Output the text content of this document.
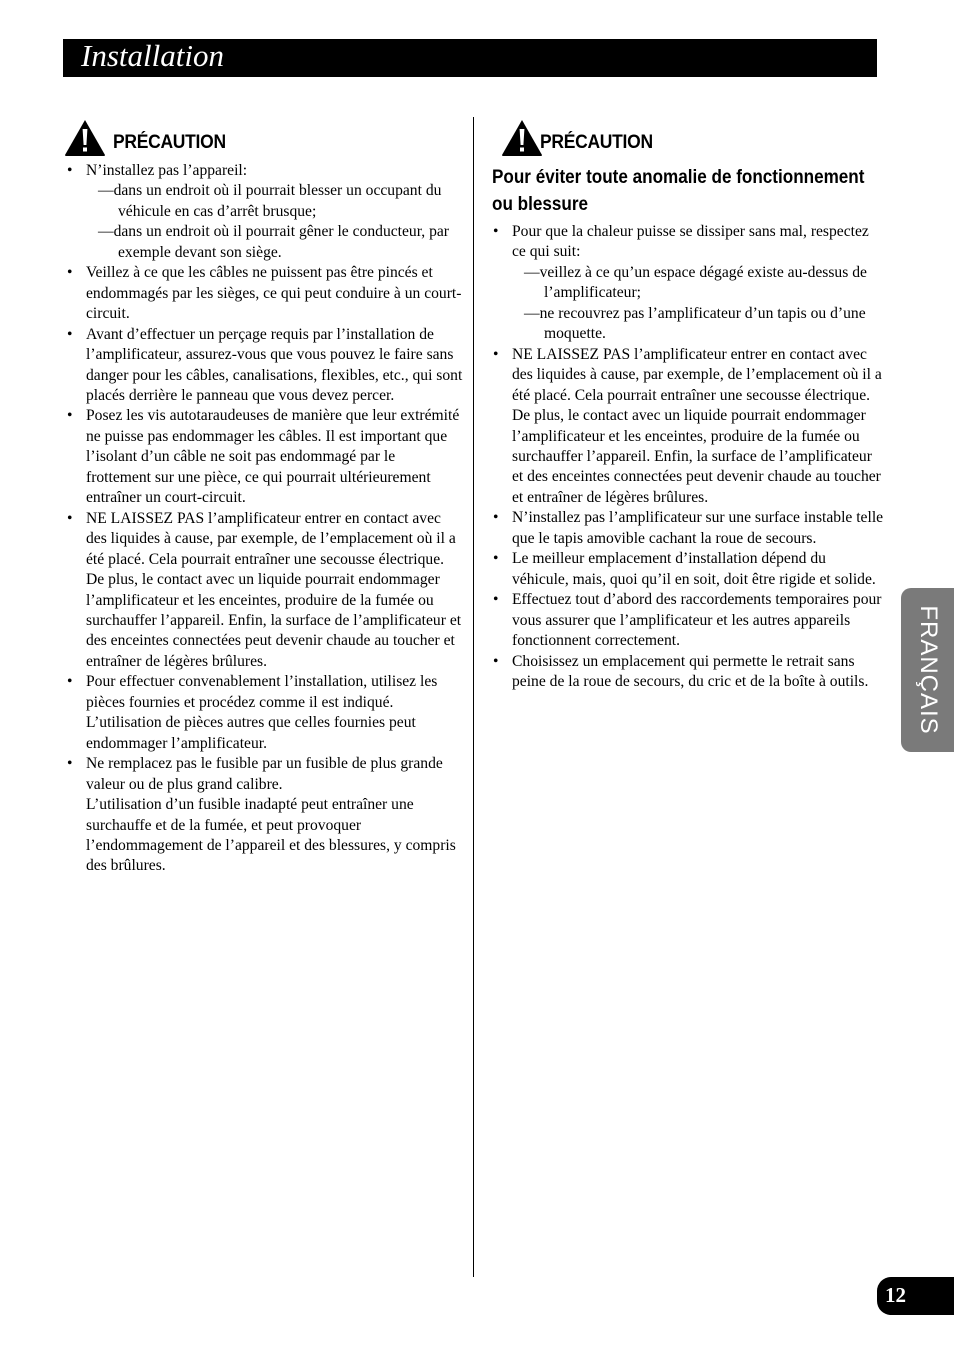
Installation
PRÉCAUTION
• N’installez pas l’appareil:
—dans un endroit où il pourrait blesser un occupant du véhicule en cas d’arrêt brusque;
—dans un endroit où il pourrait gêner le conducteur, par exemple devant son siège.
• Veillez à ce que les câbles ne puissent pas être pincés et endommagés par les sièges, ce qui peut conduire à un court-circuit.
• Avant d’effectuer un perçage requis par l’installation de l’amplificateur, assurez-vous que vous pouvez le faire sans danger pour les câbles, canalisations, flexibles, etc., qui sont placés derrière le panneau que vous devez percer.
• Posez les vis autotaraudeuses de manière que leur extrémité ne puisse pas endommager les câbles. Il est important que l’isolant d’un câble ne soit pas endommagé par le frottement sur une pièce, ce qui pourrait ultérieurement entraîner un court-circuit.
• NE LAISSEZ PAS l’amplificateur entrer en contact avec des liquides à cause, par exemple, de l’emplacement où il a été placé. Cela pourrait entraîner une secousse électrique. De plus, le contact avec un liquide pourrait endommager l’amplificateur et les enceintes, produire de la fumée ou surchauffer l’appareil. Enfin, la surface de l’amplificateur et des enceintes connectées peut devenir chaude au toucher et entraîner de légères brûlures.
• Pour effectuer convenablement l’installation, utilisez les pièces fournies et procédez comme il est indiqué. L’utilisation de pièces autres que celles fournies peut endommager l’amplificateur.
• Ne remplacez pas le fusible par un fusible de plus grande valeur ou de plus grand calibre.
L’utilisation d’un fusible inadapté peut entraîner une surchauffe et de la fumée, et peut provoquer l’endommagement de l’appareil et des blessures, y compris des brûlures.
PRÉCAUTION
Pour éviter toute anomalie de fonctionnement ou blessure
• Pour que la chaleur puisse se dissiper sans mal, respectez ce qui suit:
—veillez à ce qu’un espace dégagé existe au-dessus de l’amplificateur;
—ne recouvrez pas l’amplificateur d’un tapis ou d’une moquette.
• NE LAISSEZ PAS l’amplificateur entrer en contact avec des liquides à cause, par exemple, de l’emplacement où il a été placé. Cela pourrait entraîner une secousse électrique.
De plus, le contact avec un liquide pourrait endommager l’amplificateur et les enceintes, produire de la fumée ou surchauffer l’appareil. Enfin, la surface de l’amplificateur et des enceintes connectées peut devenir chaude au toucher et entraîner de légères brûlures.
• N’installez pas l’amplificateur sur une surface instable telle que le tapis amovible cachant la roue de secours.
• Le meilleur emplacement d’installation dépend du véhicule, mais, quoi qu’il en soit, doit être rigide et solide.
• Effectuez tout d’abord des raccordements temporaires pour vous assurer que l’amplificateur et les autres appareils fonctionnent correctement.
• Choisissez un emplacement qui permette le retrait sans peine de la roue de secours, du cric et de la boîte à outils.	FRANÇAIS
12
